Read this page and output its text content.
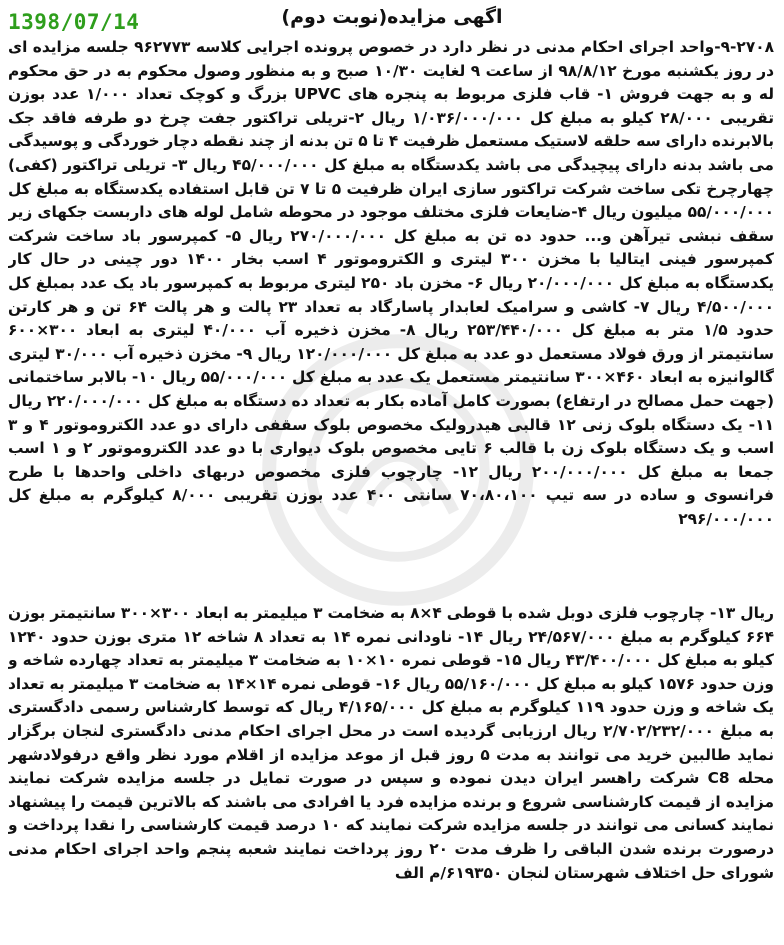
1398/07/14	اگهی مزایده(نوبت دوم)
۹-۲۷۰۸-واحد اجرای احکام مدنی در نظر دارد در خصوص پرونده اجرایی کلاسه ۹۶۲۷۷۳ جلسه مزایده ای در روز یکشنبه مورخ ۹۸/۸/۱۲ از ساعت ۹ لغایت ۱۰/۳۰ صبح و به منظور وصول محکوم به در حق محکوم له و به جهت فروش ۱- قاب فلزی مربوط به پنجره های UPVC بزرگ و کوچک تعداد ۱/۰۰۰ عدد بوزن تقریبی ۲۸/۰۰۰ کیلو به مبلغ کل ۱/۰۳۶/۰۰۰/۰۰۰ ریال ۲-تریلی تراکتور جفت چرخ دو طرفه فاقد جک بالابرنده دارای سه حلقه لاستیک مستعمل ظرفیت ۴ تا ۵ تن بدنه از چند نقطه دچار خوردگی و پوسیدگی می باشد بدنه دارای پیچیدگی می باشد یکدستگاه به مبلغ کل ۴۵/۰۰۰/۰۰۰ ریال ۳- تریلی تراکتور (کفی) چهارچرخ تکی ساخت شرکت تراکتور سازی ایران ظرفیت ۵ تا ۷ تن قابل استفاده یکدستگاه به مبلغ کل ۵۵/۰۰۰/۰۰۰ میلیون ریال ۴-ضایعات فلزی مختلف موجود در محوطه شامل لوله های داربست جکهای زیر سقف نبشی تیرآهن و... حدود ده تن به مبلغ کل ۲۷۰/۰۰۰/۰۰۰ ریال ۵- کمپرسور باد ساخت شرکت کمپرسور فینی ایتالیا با مخزن ۳۰۰ لیتری و الکتروموتور ۴ اسب بخار ۱۴۰۰ دور چینی در حال کار یکدستگاه به مبلغ کل ۲۰/۰۰۰/۰۰۰ ریال ۶- مخزن باد ۲۵۰ لیتری مربوط به کمپرسور باد یک عدد بمبلغ کل ۴/۵۰۰/۰۰۰ ریال ۷- کاشی و سرامیک لعابدار پاسارگاد به تعداد ۲۳ پالت و هر پالت ۶۴ تن و هر کارتن حدود ۱/۵ متر به مبلغ کل ۲۵۳/۴۴۰/۰۰۰ ریال ۸- مخزن ذخیره آب ۴۰/۰۰۰ لیتری به ابعاد ۳۰۰×۶۰۰ سانتیمتر از ورق فولاد مستعمل دو عدد به مبلغ کل ۱۲۰/۰۰۰/۰۰۰ ریال ۹- مخزن ذخیره آب ۳۰/۰۰۰ لیتری گالوانیزه به ابعاد ۴۶۰×۳۰۰ سانتیمتر مستعمل یک عدد به مبلغ کل ۵۵/۰۰۰/۰۰۰ ریال ۱۰- بالابر ساختمانی (جهت حمل مصالح در ارتفاع) بصورت کامل آماده بکار به تعداد ده دستگاه به مبلغ کل ۲۲۰/۰۰۰/۰۰۰ ریال ۱۱- یک دستگاه بلوک زنی ۱۲ قالبی هیدرولیک مخصوص بلوک سقفی دارای دو عدد الکتروموتور ۴ و ۳ اسب و یک دستگاه بلوک زن با قالب ۶ تایی مخصوص بلوک دیواری با دو عدد الکتروموتور ۲ و ۱ اسب جمعا به مبلغ کل ۲۰۰/۰۰۰/۰۰۰ ریال ۱۲- چارچوب فلزی مخصوص دربهای داخلی واحدها با طرح فرانسوی و ساده در سه تیپ ۷۰،۸۰،۱۰۰ سانتی ۴۰۰ عدد بوزن تقریبی ۸/۰۰۰ کیلوگرم به مبلغ کل ۲۹۶/۰۰۰/۰۰۰
ریال ۱۳- چارچوب فلزی دوبل شده با قوطی ۴×۸ به ضخامت ۳ میلیمتر به ابعاد ۳۰۰×۳۰۰ سانتیمتر بوزن ۶۶۴ کیلوگرم به مبلغ ۲۴/۵۶۷/۰۰۰ ریال ۱۴- ناودانی نمره ۱۴ به تعداد ۸ شاخه ۱۲ متری بوزن حدود ۱۲۴۰ کیلو به مبلغ کل ۴۳/۴۰۰/۰۰۰ ریال ۱۵- قوطی نمره ۱۰×۱۰ به ضخامت ۳ میلیمتر به تعداد چهارده شاخه و وزن حدود ۱۵۷۶ کیلو به مبلغ کل ۵۵/۱۶۰/۰۰۰ ریال ۱۶- قوطی نمره ۱۴×۱۴ به ضخامت ۳ میلیمتر به تعداد یک شاخه و وزن حدود ۱۱۹ کیلوگرم به مبلغ کل ۴/۱۶۵/۰۰۰ ریال که توسط کارشناس رسمی دادگستری به مبلغ ۲/۷۰۲/۲۳۲/۰۰۰ ریال ارزیابی گردیده است در محل اجرای احکام مدنی دادگستری لنجان برگزار نماید طالبین خرید می توانند به مدت ۵ روز قبل از موعد مزایده از اقلام مورد نظر واقع درفولادشهر محله C8 شرکت راهسر ایران دیدن نموده و سپس در صورت تمایل در جلسه مزایده شرکت نمایند مزایده از قیمت کارشناسی شروع و برنده مزایده فرد یا افرادی می باشند که بالاترین قیمت را پیشنهاد نمایند کسانی می توانند در جلسه مزایده شرکت نمایند که ۱۰ درصد قیمت کارشناسی را نقدا پرداخت و درصورت برنده شدن الباقی را ظرف مدت ۲۰ روز پرداخت نمایند شعبه پنجم واحد اجرای احکام مدنی شورای حل اختلاف شهرستان لنجان ۶۱۹۳۵۰/م الف
